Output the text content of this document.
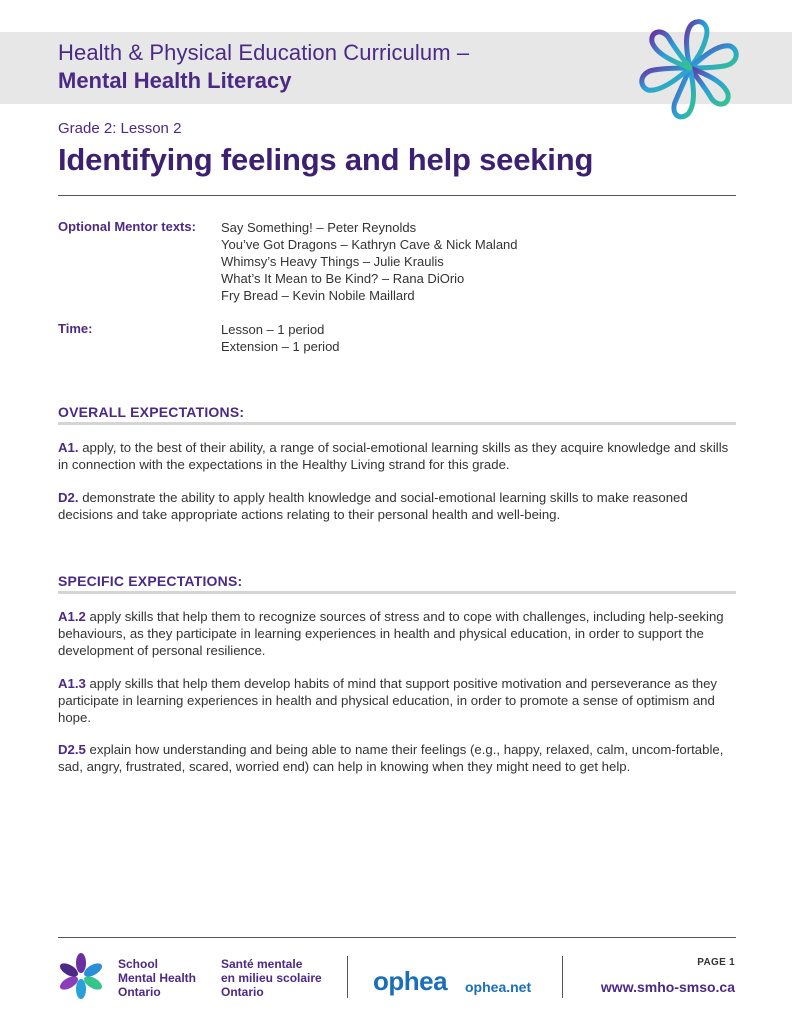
Health & Physical Education Curriculum –
Mental Health Literacy
Grade 2: Lesson 2
Identifying feelings and help seeking
Optional Mentor texts: Say Something! – Peter Reynolds
You’ve Got Dragons – Kathryn Cave & Nick Maland
Whimsy’s Heavy Things – Julie Kraulis
What’s It Mean to Be Kind? – Rana DiOrio
Fry Bread – Kevin Nobile Maillard
Time:	Lesson – 1 period
Extension – 1 period
OVERALL EXPECTATIONS:
A1. apply, to the best of their ability, a range of social-emotional learning skills as they acquire knowledge and skills in connection with the expectations in the Healthy Living strand for this grade.
D2. demonstrate the ability to apply health knowledge and social-emotional learning skills to make reasoned decisions and take appropriate actions relating to their personal health and well-being.
SPECIFIC EXPECTATIONS:
A1.2 apply skills that help them to recognize sources of stress and to cope with challenges, including help-seeking behaviours, as they participate in learning experiences in health and physical education, in order to support the development of personal resilience.
A1.3 apply skills that help them develop habits of mind that support positive motivation and perseverance as they participate in learning experiences in health and physical education, in order to promote a sense of optimism and hope.
D2.5 explain how understanding and being able to name their feelings (e.g., happy, relaxed, calm, uncom-fortable, sad, angry, frustrated, scared, worried end) can help in knowing when they might need to get help.
School
Mental Health
Ontario
Santé mentale
en milieu scolaire
Ontario	ophea ophea.net
PAGE 1
www.smho-smso.ca
